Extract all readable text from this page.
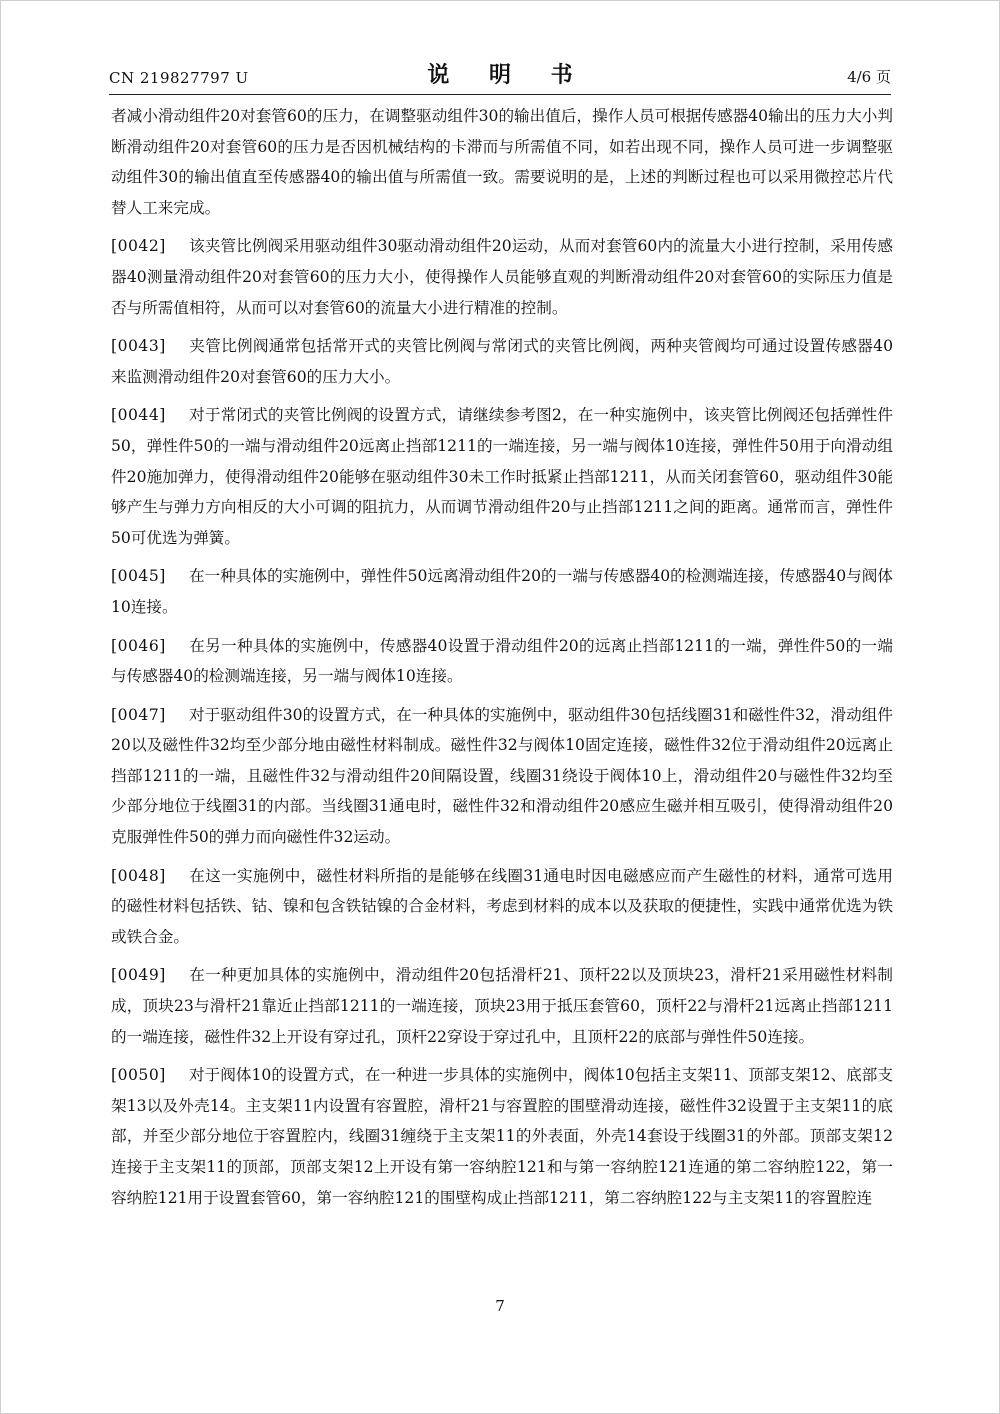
CN 219827797 U	说 明 书	4/6 页

者减小滑动组件20对套管60的压力，在调整驱动组件30的输出值后，操作人员可根据传感器40输出的压力大小判断滑动组件20对套管60的压力是否因机械结构的卡滞而与所需值不同，如若出现不同，操作人员可进一步调整驱动组件30的输出值直至传感器40的输出值与所需值一致。需要说明的是，上述的判断过程也可以采用微控芯片代替人工来完成。

[0042] 该夹管比例阀采用驱动组件30驱动滑动组件20运动，从而对套管60内的流量大小进行控制，采用传感器40测量滑动组件20对套管60的压力大小，使得操作人员能够直观的判断滑动组件20对套管60的实际压力值是否与所需值相符，从而可以对套管60的流量大小进行精准的控制。

[0043] 夹管比例阀通常包括常开式的夹管比例阀与常闭式的夹管比例阀，两种夹管阀均可通过设置传感器40来监测滑动组件20对套管60的压力大小。

[0044] 对于常闭式的夹管比例阀的设置方式，请继续参考图2，在一种实施例中，该夹管比例阀还包括弹性件50，弹性件50的一端与滑动组件20远离止挡部1211的一端连接，另一端与阀体10连接，弹性件50用于向滑动组件20施加弹力，使得滑动组件20能够在驱动组件30未工作时抵紧止挡部1211，从而关闭套管60，驱动组件30能够产生与弹力方向相反的大小可调的阻抗力，从而调节滑动组件20与止挡部1211之间的距离。通常而言，弹性件50可优选为弹簧。

[0045] 在一种具体的实施例中，弹性件50远离滑动组件20的一端与传感器40的检测端连接，传感器40与阀体10连接。

[0046] 在另一种具体的实施例中，传感器40设置于滑动组件20的远离止挡部1211的一端，弹性件50的一端与传感器40的检测端连接，另一端与阀体10连接。

[0047] 对于驱动组件30的设置方式，在一种具体的实施例中，驱动组件30包括线圈31和磁性件32，滑动组件20以及磁性件32均至少部分地由磁性材料制成。磁性件32与阀体10固定连接，磁性件32位于滑动组件20远离止挡部1211的一端，且磁性件32与滑动组件20间隔设置，线圈31绕设于阀体10上，滑动组件20与磁性件32均至少部分地位于线圈31的内部。当线圈31通电时，磁性件32和滑动组件20感应生磁并相互吸引，使得滑动组件20克服弹性件50的弹力而向磁性件32运动。

[0048] 在这一实施例中，磁性材料所指的是能够在线圈31通电时因电磁感应而产生磁性的材料，通常可选用的磁性材料包括铁、钴、镍和包含铁钴镍的合金材料，考虑到材料的成本以及获取的便捷性，实践中通常优选为铁或铁合金。

[0049] 在一种更加具体的实施例中，滑动组件20包括滑杆21、顶杆22以及顶块23，滑杆21采用磁性材料制成，顶块23与滑杆21靠近止挡部1211的一端连接，顶块23用于抵压套管60，顶杆22与滑杆21远离止挡部1211的一端连接，磁性件32上开设有穿过孔，顶杆22穿设于穿过孔中，且顶杆22的底部与弹性件50连接。

[0050] 对于阀体10的设置方式，在一种进一步具体的实施例中，阀体10包括主支架11、顶部支架12、底部支架13以及外壳14。主支架11内设置有容置腔，滑杆21与容置腔的围壁滑动连接，磁性件32设置于主支架11的底部，并至少部分地位于容置腔内，线圈31缠绕于主支架11的外表面，外壳14套设于线圈31的外部。顶部支架12连接于主支架11的顶部，顶部支架12上开设有第一容纳腔121和与第一容纳腔121连通的第二容纳腔122，第一容纳腔121用于设置套管60，第一容纳腔121的围壁构成止挡部1211，第二容纳腔122与主支架11的容置腔连

7
